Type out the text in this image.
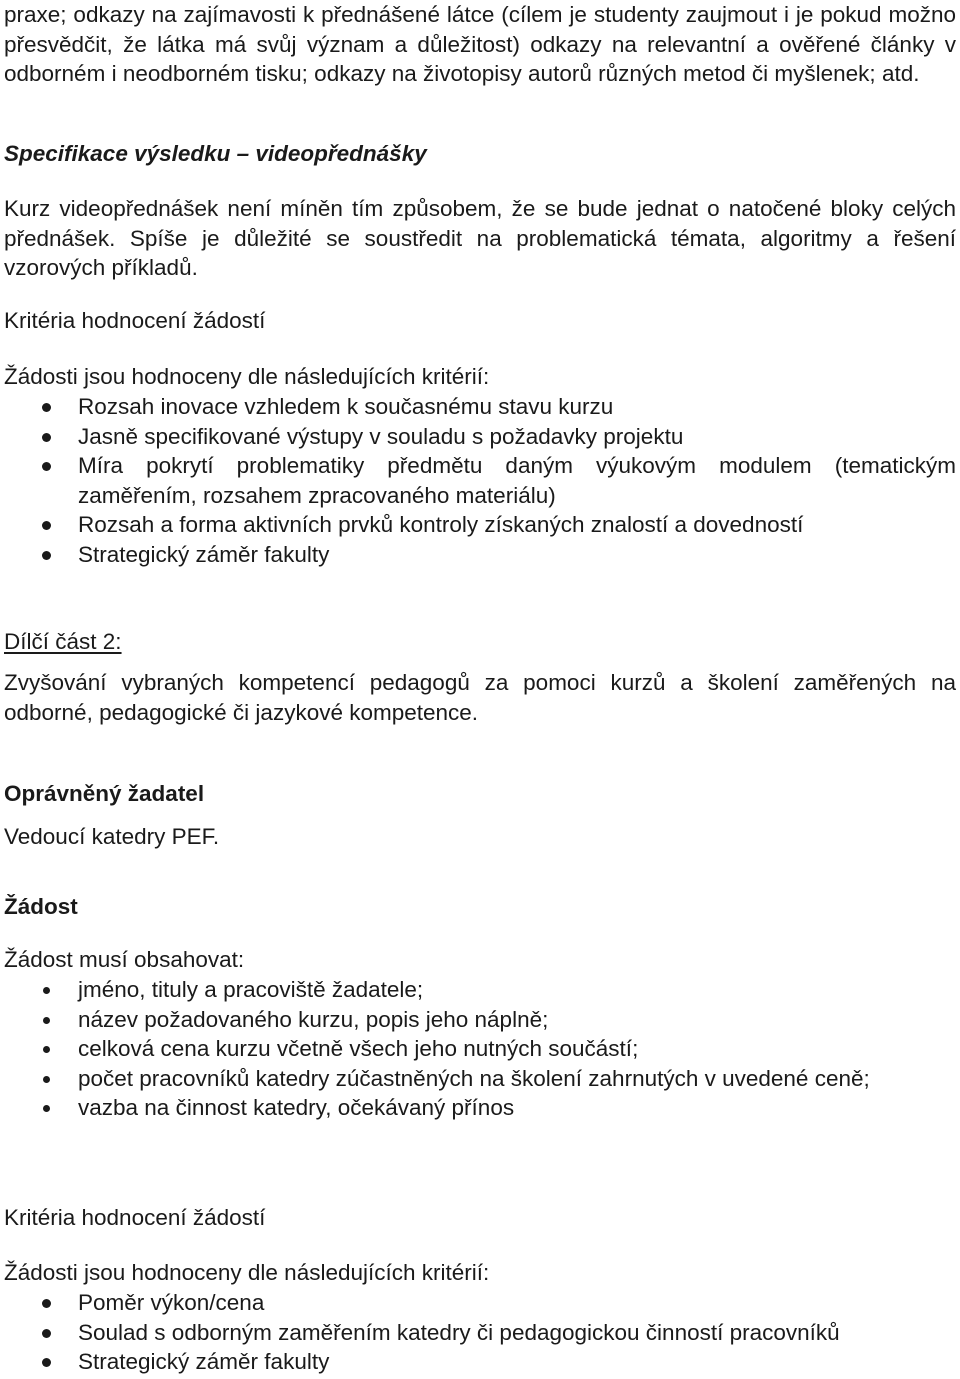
praxe; odkazy na zajímavosti k přednášené látce (cílem je studenty zaujmout i je pokud možno přesvědčit, že látka má svůj význam a důležitost) odkazy na relevantní a ověřené články v odborném i neodborném tisku; odkazy na životopisy autorů různých metod či myšlenek; atd.

Specifikace výsledku – videopřednášky

Kurz videopřednášek není míněn tím způsobem, že se bude jednat o natočené bloky celých přednášek. Spíše je důležité se soustředit na problematická témata, algoritmy a řešení vzorových příkladů.

Kritéria hodnocení žádostí

Žádosti jsou hodnoceny dle následujících kritérií:

Rozsah inovace vzhledem k současnému stavu kurzu
Jasně specifikované výstupy v souladu s požadavky projektu
Míra pokrytí problematiky předmětu daným výukovým modulem (tematickým zaměřením, rozsahem zpracovaného materiálu)
Rozsah a forma aktivních prvků kontroly získaných znalostí a dovedností
Strategický záměr fakulty

Dílčí část 2:

Zvyšování vybraných kompetencí pedagogů za pomoci kurzů a školení zaměřených na odborné, pedagogické či jazykové kompetence.

Oprávněný žadatel

Vedoucí katedry PEF.

Žádost

Žádost musí obsahovat:

jméno, tituly a pracoviště žadatele;
název požadovaného kurzu, popis jeho náplně;
celková cena kurzu včetně všech jeho nutných součástí;
počet pracovníků katedry zúčastněných na školení zahrnutých v uvedené ceně;
vazba na činnost katedry, očekávaný přínos

Kritéria hodnocení žádostí

Žádosti jsou hodnoceny dle následujících kritérií:

Poměr výkon/cena
Soulad s odborným zaměřením katedry či pedagogickou činností pracovníků
Strategický záměr fakulty
